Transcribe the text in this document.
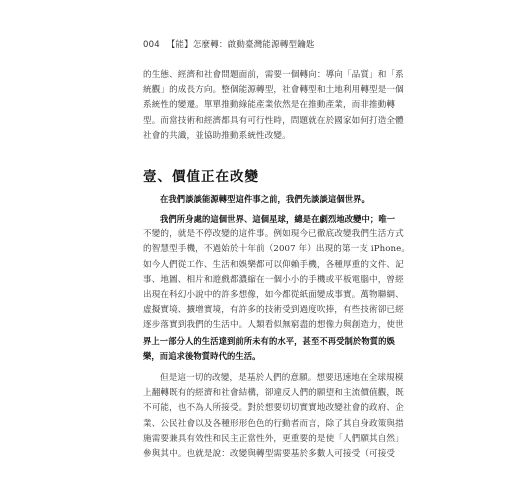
004 【能】怎麼轉：啟動臺灣能源轉型鑰匙
的生態、經濟和社會問題面前，需要一個轉向：導向「品質」和「系
統觀」的成長方向。整個能源轉型，社會轉型和土地利用轉型是一個
系統性的變遷。單單推動綠能產業依然是在推動產業，而非推動轉
型。而當技術和經濟都具有可行性時，問題就在於國家如何打造全體
社會的共識，並協助推動系統性改變。
壹、價值正在改變
在我們談談能源轉型這件事之前，我們先談談這個世界。
我們所身處的這個世界、這個星球，總是在劇烈地改變中；唯一
不變的，就是不停改變的這件事。例如現今已徹底改變我們生活方式
的智慧型手機，不過始於十年前（2007 年）出現的第一支 iPhone。
如今人們從工作、生活和娛樂都可以仰賴手機，各種厚重的文件、記
事、地圖、相片和遊戲都濃縮在一個小小的手機或平板電腦中，曾經
出現在科幻小說中的許多想像，如今都從紙面變成事實。萬物聯網、
虛擬實境、擴增實境，有許多的技術受到過度吹捧，有些技術卻已經
逐步落實到我們的生活中。人類看似無窮盡的想像力與創造力，使世
界上一部分人的生活達到前所未有的水平，甚至不再受制於物質的娛
樂，而追求後物質時代的生活。
但是這一切的改變，是基於人們的意願。想要迅速地在全球規模
上翻轉既有的經濟和社會結構，卻違反人們的願望和主流價值觀，既
不可能，也不為人所接受。對於想要切切實實地改變社會的政府、企
業、公民社會以及各種形形色色的行動者而言，除了其自身政策與措
施需要兼具有效性和民主正當性外，更重要的是使「人們願其自然」
參與其中。也就是說：改變與轉型需要基於多數人可接受（可接受
